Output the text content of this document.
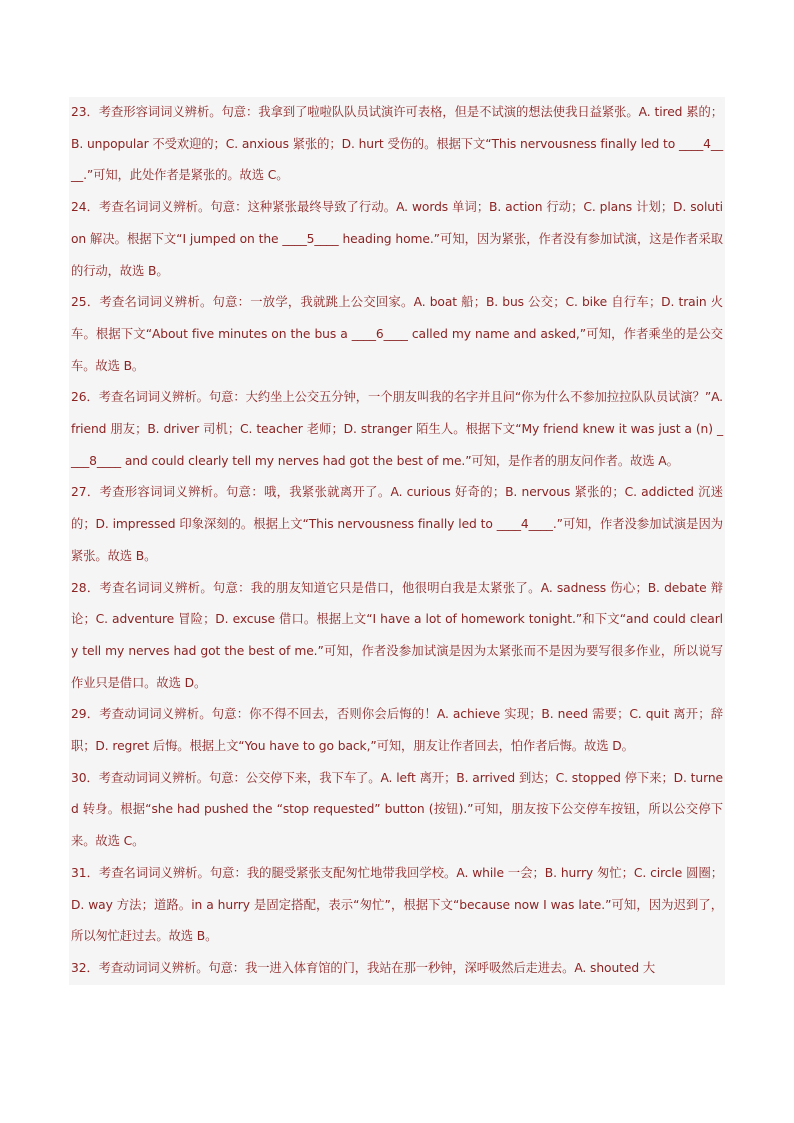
23．考查形容词词义辨析。句意：我拿到了啦啦队队员试演许可表格，但是不试演的想法使我日益紧张。A. tired 累的；B. unpopular 不受欢迎的；C. anxious 紧张的；D. hurt 受伤的。根据下文“This nervousness finally led to ____4____.”可知，此处作者是紧张的。故选 C。
24．考查名词词义辨析。句意：这种紧张最终导致了行动。A. words 单词；B. action 行动；C. plans 计划；D. solution 解决。根据下文“I jumped on the ____5____ heading home.”可知，因为紧张，作者没有参加试演，这是作者采取的行动，故选 B。
25．考查名词词义辨析。句意：一放学，我就跳上公交回家。A. boat 船；B. bus 公交；C. bike 自行车；D. train 火车。根据下文“About five minutes on the bus a ____6____ called my name and asked,”可知，作者乘坐的是公交车。故选 B。
26．考查名词词义辨析。句意：大约坐上公交五分钟，一个朋友叫我的名字并且问“你为什么不参加拉拉队队员试演？”A. friend 朋友；B. driver 司机；C. teacher 老师；D. stranger 陌生人。根据下文“My friend knew it was just a (n) ____8____ and could clearly tell my nerves had got the best of me.”可知，是作者的朋友问作者。故选 A。
27．考查形容词词义辨析。句意：哦，我紧张就离开了。A. curious 好奇的；B. nervous 紧张的；C. addicted 沉迷的；D. impressed 印象深刻的。根据上文“This nervousness finally led to ____4____.”可知，作者没参加试演是因为紧张。故选 B。
28．考查名词词义辨析。句意：我的朋友知道它只是借口，他很明白我是太紧张了。A. sadness 伤心；B. debate 辩论；C. adventure 冒险；D. excuse 借口。根据上文“I have a lot of homework tonight.”和下文“and could clearly tell my nerves had got the best of me.”可知，作者没参加试演是因为太紧张而不是因为要写很多作业，所以说写作业只是借口。故选 D。
29．考查动词词义辨析。句意：你不得不回去，否则你会后悔的！A. achieve 实现；B. need 需要；C. quit 离开；辞职；D. regret 后悔。根据上文“You have to go back,”可知，朋友让作者回去，怕作者后悔。故选 D。
30．考查动词词义辨析。句意：公交停下来，我下车了。A. left 离开；B. arrived 到达；C. stopped 停下来；D. turned 转身。根据“she had pushed the “stop requested” button (按钮).”可知，朋友按下公交停车按钮，所以公交停下来。故选 C。
31．考查名词词义辨析。句意：我的腿受紧张支配匆忙地带我回学校。A. while 一会；B. hurry 匆忙；C. circle 圆圈；D. way 方法；道路。in a hurry 是固定搭配，表示“匆忙”，根据下文“because now I was late.”可知，因为迟到了，所以匆忙赶过去。故选 B。
32．考查动词词义辨析。句意：我一进入体育馆的门，我站在那一秒钟，深呼吸然后走进去。A. shouted 大
